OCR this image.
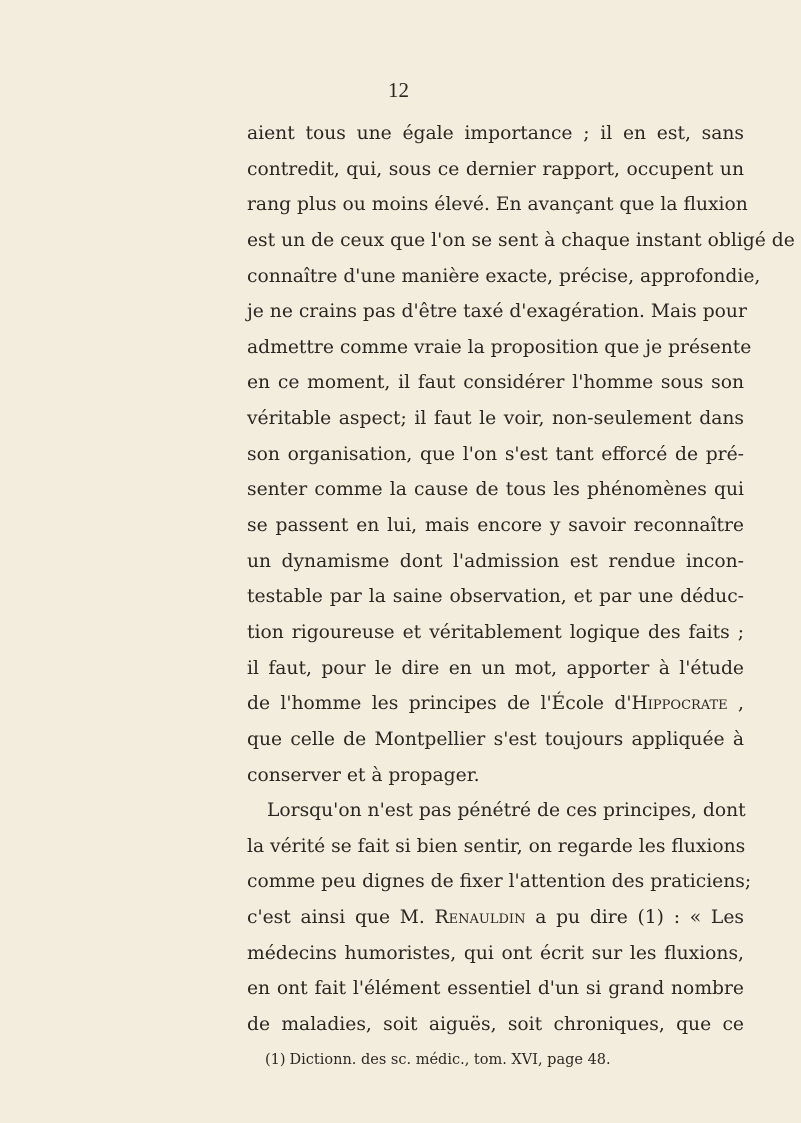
12
aient tous une égale importance ; il en est, sans
contredit, qui, sous ce dernier rapport, occupent un
rang plus ou moins élevé. En avançant que la fluxion
est un de ceux que l'on se sent à chaque instant obligé de
connaître d'une manière exacte, précise, approfondie,
je ne crains pas d'être taxé d'exagération. Mais pour
admettre comme vraie la proposition que je présente
en ce moment, il faut considérer l'homme sous son
véritable aspect; il faut le voir, non-seulement dans
son organisation, que l'on s'est tant efforcé de pré-
senter comme la cause de tous les phénomènes qui
se passent en lui, mais encore y savoir reconnaître
un dynamisme dont l'admission est rendue incon-
testable par la saine observation, et par une déduc-
tion rigoureuse et véritablement logique des faits ;
il faut, pour le dire en un mot, apporter à l'étude
de l'homme les principes de l'École d'Hippocrate ,
que celle de Montpellier s'est toujours appliquée à
conserver et à propager.
Lorsqu'on n'est pas pénétré de ces principes, dont
la vérité se fait si bien sentir, on regarde les fluxions
comme peu dignes de fixer l'attention des praticiens;
c'est ainsi que M. Renauldin a pu dire (1) : « Les
médecins humoristes, qui ont écrit sur les fluxions,
en ont fait l'élément essentiel d'un si grand nombre
de maladies, soit aiguës, soit chroniques, que ce
(1) Dictionn. des sc. médic., tom. XVI, page 48.
